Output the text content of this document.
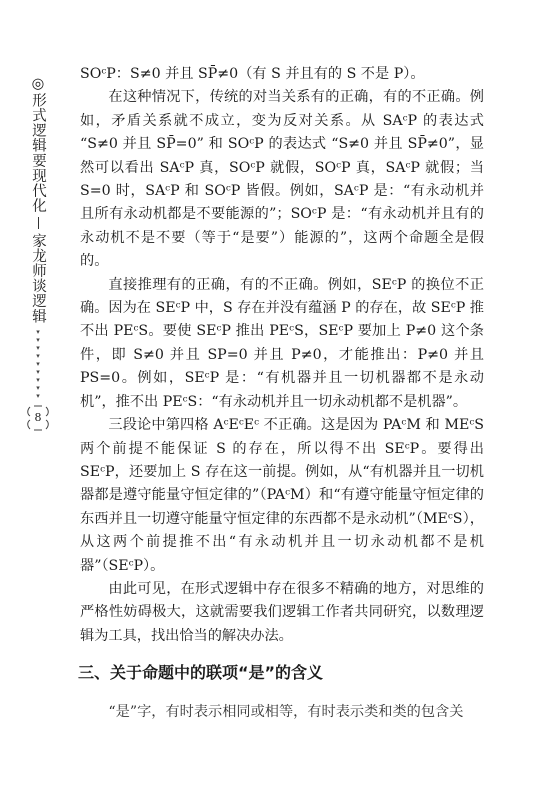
◎形式逻辑要现代化
家龙师谈逻辑
▾
▾
▾
▾
▾
▾
▾
▾
▾
8

SOᶜP：S≠0 并且 SP̄≠0（有 S 并且有的 S 不是 P）。

在这种情况下，传统的对当关系有的正确，有的不正确。例如，矛盾关系就不成立，变为反对关系。从 SAᶜP 的表达式 “S≠0 并且 SP̄=0” 和 SOᶜP 的表达式 “S≠0 并且 SP̄≠0”，显然可以看出 SAᶜP 真，SOᶜP 就假，SOᶜP 真，SAᶜP 就假；当 S=0 时，SAᶜP 和 SOᶜP 皆假。例如，SAᶜP 是：“有永动机并且所有永动机都是不要能源的”；SOᶜP 是：“有永动机并且有的永动机不是不要（等于“是要”）能源的”，这两个命题全是假的。

直接推理有的正确，有的不正确。例如，SEᶜP 的换位不正确。因为在 SEᶜP 中，S 存在并没有蕴涵 P 的存在，故 SEᶜP 推不出 PEᶜS。要使 SEᶜP 推出 PEᶜS，SEᶜP 要加上 P≠0 这个条件，即 S≠0 并且 SP=0 并且 P≠0，才能推出：P≠0 并且 PS=0。例如，SEᶜP 是：“有机器并且一切机器都不是永动机”，推不出 PEᶜS：“有永动机并且一切永动机都不是机器”。

三段论中第四格 AᶜEᶜEᶜ 不正确。这是因为 PAᶜM 和 MEᶜS 两个前提不能保证 S 的存在，所以得不出 SEᶜP。要得出 SEᶜP，还要加上 S 存在这一前提。例如，从“有机器并且一切机器都是遵守能量守恒定律的”（PAᶜM）和“有遵守能量守恒定律的东西并且一切遵守能量守恒定律的东西都不是永动机”（MEᶜS），从这两个前提推不出“有永动机并且一切永动机都不是机器”（SEᶜP）。

由此可见，在形式逻辑中存在很多不精确的地方，对思维的严格性妨碍极大，这就需要我们逻辑工作者共同研究，以数理逻辑为工具，找出恰当的解决办法。

三、关于命题中的联项“是”的含义

“是”字，有时表示相同或相等，有时表示类和类的包含关
